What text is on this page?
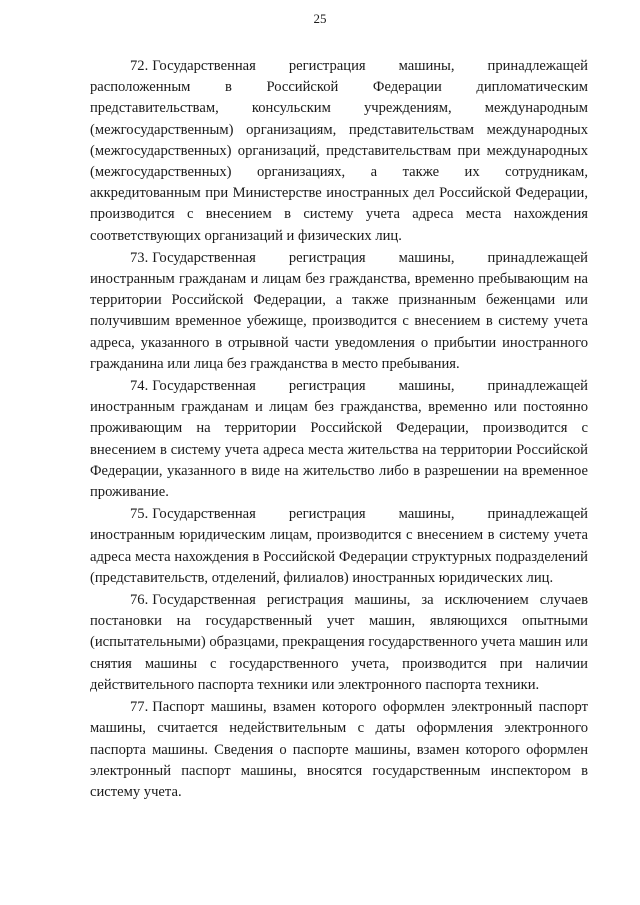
25

72. Государственная регистрация машины, принадлежащей расположенным в Российской Федерации дипломатическим представительствам, консульским учреждениям, международным (межгосударственным) организациям, представительствам международных (межгосударственных) организаций, представительствам при международных (межгосударственных) организациях, а также их сотрудникам, аккредитованным при Министерстве иностранных дел Российской Федерации, производится с внесением в систему учета адреса места нахождения соответствующих организаций и физических лиц.

73. Государственная регистрация машины, принадлежащей иностранным гражданам и лицам без гражданства, временно пребывающим на территории Российской Федерации, а также признанным беженцами или получившим временное убежище, производится с внесением в систему учета адреса, указанного в отрывной части уведомления о прибытии иностранного гражданина или лица без гражданства в место пребывания.

74. Государственная регистрация машины, принадлежащей иностранным гражданам и лицам без гражданства, временно или постоянно проживающим на территории Российской Федерации, производится с внесением в систему учета адреса места жительства на территории Российской Федерации, указанного в виде на жительство либо в разрешении на временное проживание.

75. Государственная регистрация машины, принадлежащей иностранным юридическим лицам, производится с внесением в систему учета адреса места нахождения в Российской Федерации структурных подразделений (представительств, отделений, филиалов) иностранных юридических лиц.

76. Государственная регистрация машины, за исключением случаев постановки на государственный учет машин, являющихся опытными (испытательными) образцами, прекращения государственного учета машин или снятия машины с государственного учета, производится при наличии действительного паспорта техники или электронного паспорта техники.

77. Паспорт машины, взамен которого оформлен электронный паспорт машины, считается недействительным с даты оформления электронного паспорта машины. Сведения о паспорте машины, взамен которого оформлен электронный паспорт машины, вносятся государственным инспектором в систему учета.
